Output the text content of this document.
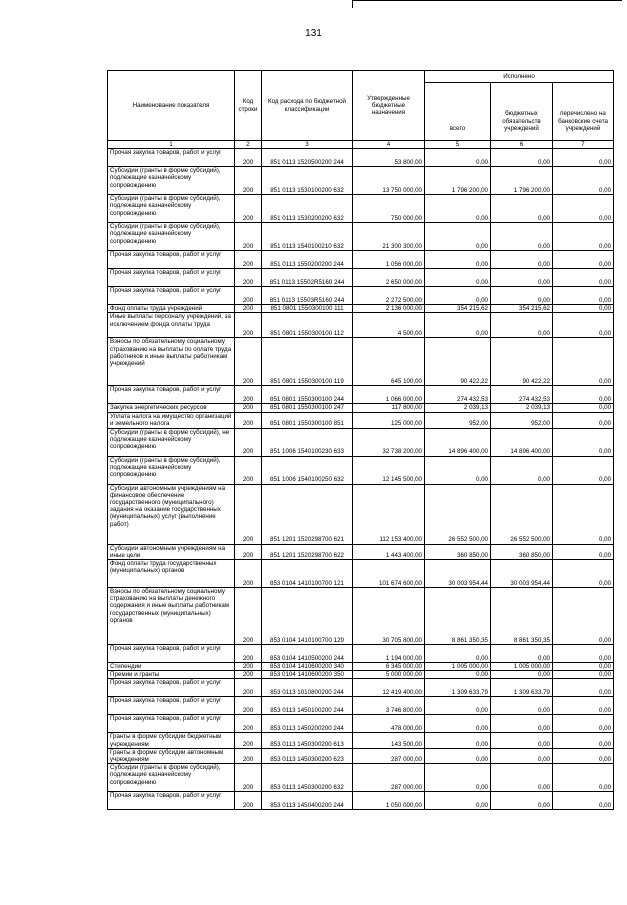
131
Наименование показателя	Код строки	Код расхода по бюджетной классификации	Утвержденные бюджетные назначения	Исполнено		
				всего	бюджетных обязательств учреждений	перечислено на банковские счета учреждений
1	2	3	4	5	6	7
Прочая закупка товаров, работ и услуг	200	851 0113 1520500200 244	53 800,00	0,00	0,00	0,00
Субсидии (гранты в форме субсидий), подлежащие казначейскому сопровождению	200	851 0113 1530100200 632	13 750 000,00	1 796 200,00	1 796 200,00	0,00
Субсидии (гранты в форме субсидий), подлежащие казначейскому сопровождению	200	851 0113 1530200200 632	750 000,00	0,00	0,00	0,00
Субсидии (гранты в форме субсидий), подлежащие казначейскому сопровождению	200	851 0113 1540100210 632	21 300 300,00	0,00	0,00	0,00
Прочая закупка товаров, работ и услуг	200	851 0113 1550200200 244	1 056 000,00	0,00	0,00	0,00
Прочая закупка товаров, работ и услуг	200	851 0113 15502R5160 244	2 650 000,00	0,00	0,00	0,00
Прочая закупка товаров, работ и услуг	200	851 0113 15503R5160 244	2 272 500,00	0,00	0,00	0,00
Фонд оплаты труда учреждений	200	851 0801 1550300100 111	2 136 000,00	354 215,62	354 215,62	0,00
Иные выплаты персоналу учреждений, за исключением фонда оплаты труда	200	851 0801 1550300100 112	4 500,00	0,00	0,00	0,00
Взносы по обязательному социальному страхованию на выплаты по оплате труда работников и иные выплаты работникам учреждений	200	851 0801 1550300100 119	645 100,00	90 422,22	90 422,22	0,00
Прочая закупка товаров, работ и услуг	200	851 0801 1550300100 244	1 066 000,00	274 432,53	274 432,53	0,00
Закупка энергетических ресурсов	200	851 0801 1550300100 247	117 800,00	2 039,13	2 039,13	0,00
Уплата налога на имущество организаций и земельного налога	200	851 0801 1550300100 851	125 000,00	952,00	952,00	0,00
Субсидии (гранты в форме субсидий), не подлежащие казначейскому сопровождению	200	851 1006 1540100230 633	32 738 200,00	14 896 400,00	14 896 400,00	0,00
Субсидии (гранты в форме субсидий), подлежащие казначейскому сопровождению	200	851 1006 1540100250 632	12 145 500,00	0,00	0,00	0,00
Субсидии автономным учреждениям на финансовое обеспечение государственного (муниципального) задания на оказание государственных (муниципальных) услуг (выполнение работ)	200	851 1201 1520298700 621	112 153 400,00	26 552 500,00	26 552 500,00	0,00
Субсидии автономным учреждениям на иные цели	200	851 1201 1520298700 622	1 443 400,00	360 850,00	360 850,00	0,00
Фонд оплаты труда государственных (муниципальных) органов	200	853 0104 1410100700 121	101 674 600,00	30 003 954,44	30 003 954,44	0,00
Взносы по обязательному социальному страхованию на выплаты денежного содержания и иные выплаты работникам государственных (муниципальных) органов	200	853 0104 1410100700 129	30 705 800,00	8 861 350,35	8 861 350,35	0,00
Прочая закупка товаров, работ и услуг	200	853 0104 1410500200 244	1 194 000,00	0,00	0,00	0,00
Стипендии	200	853 0104 1410600200 340	6 345 000,00	1 005 000,00	1 005 000,00	0,00
Премии и гранты	200	853 0104 1410600200 350	5 000 000,00	0,00	0,00	0,00
Прочая закупка товаров, работ и услуг	200	853 0113 1010800200 244	12 419 400,00	1 309 633,79	1 309 633,79	0,00
Прочая закупка товаров, работ и услуг	200	853 0113 1450100200 244	3 746 800,00	0,00	0,00	0,00
Прочая закупка товаров, работ и услуг	200	853 0113 1450200200 244	478 000,00	0,00	0,00	0,00
Гранты в форме субсидии бюджетным учреждениям	200	853 0113 1450300200 613	143 500,00	0,00	0,00	0,00
Гранты в форме субсидии автономным учреждениям	200	853 0113 1450300200 623	287 000,00	0,00	0,00	0,00
Субсидии (гранты в форме субсидий), подлежащие казначейскому сопровождению	200	853 0113 1450300200 632	287 000,00	0,00	0,00	0,00
Прочая закупка товаров, работ и услуг	200	853 0113 1450400200 244	1 050 000,00	0,00	0,00	0,00
